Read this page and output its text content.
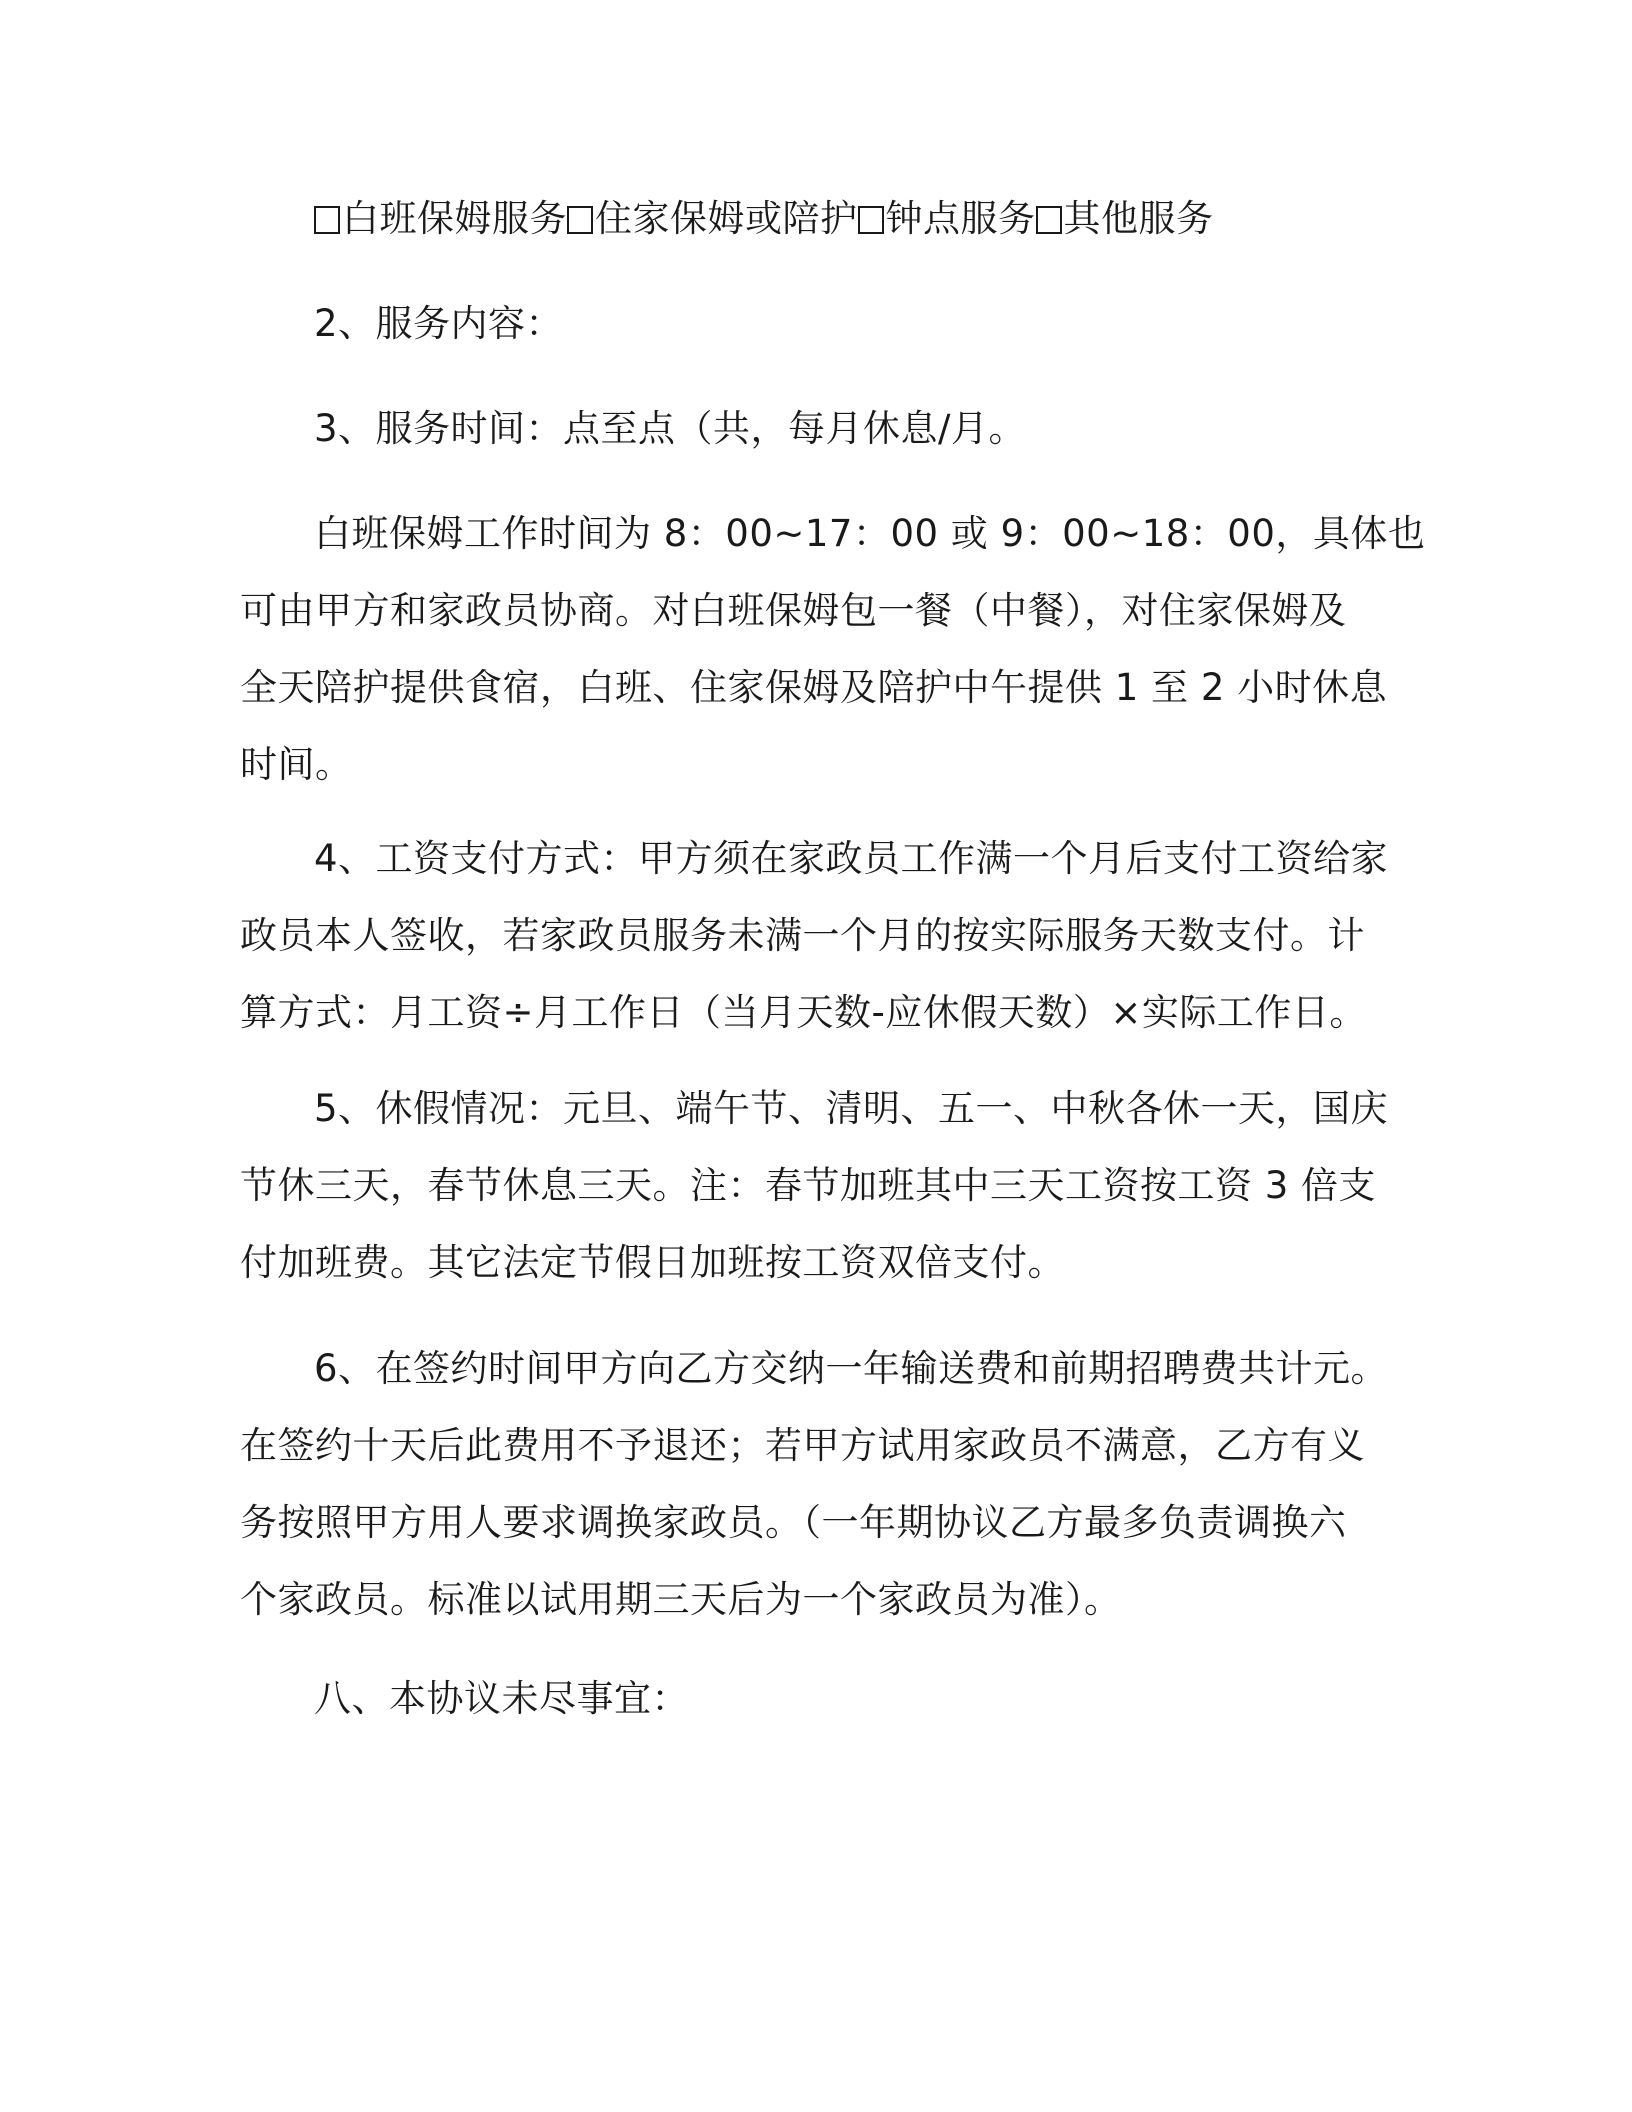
白班保姆服务 住家保姆或陪护 钟点服务 其他服务
2、服务内容：
3、服务时间：点至点（共，每月休息/月。
白班保姆工作时间为 8：00~17：00 或 9：00~18：00，具体也
可由甲方和家政员协商。对白班保姆包一餐（中餐），对住家保姆及
全天陪护提供食宿，白班、住家保姆及陪护中午提供 1 至 2 小时休息
时间。
4、工资支付方式：甲方须在家政员工作满一个月后支付工资给家
政员本人签收，若家政员服务未满一个月的按实际服务天数支付。计
算方式：月工资÷月工作日（当月天数-应休假天数）×实际工作日。
5、休假情况：元旦、端午节、清明、五一、中秋各休一天，国庆
节休三天，春节休息三天。注：春节加班其中三天工资按工资 3 倍支
付加班费。其它法定节假日加班按工资双倍支付。
6、在签约时间甲方向乙方交纳一年输送费和前期招聘费共计元。
在签约十天后此费用不予退还；若甲方试用家政员不满意，乙方有义
务按照甲方用人要求调换家政员。（一年期协议乙方最多负责调换六
个家政员。标准以试用期三天后为一个家政员为准）。
八、本协议未尽事宜：
